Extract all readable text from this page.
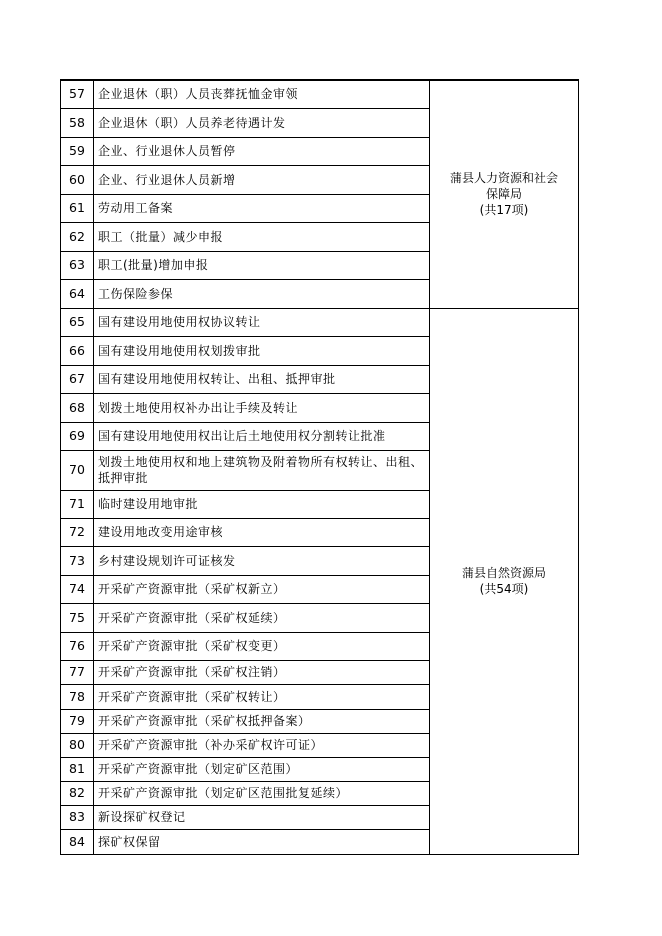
57	企业退休（职）人员丧葬抚恤金审领	蒲县人力资源和社会
保障局
(共17项)

58	企业退休（职）人员养老待遇计发	
59	企业、行业退休人员暂停	
60	企业、行业退休人员新增	
61	劳动用工备案	
62	职工（批量）减少申报	
63	职工(批量)增加申报	
64	工伤保险参保	
65	国有建设用地使用权协议转让	蒲县自然资源局
(共54项)

66	国有建设用地使用权划拨审批	
67	国有建设用地使用权转让、出租、抵押审批	
68	划拨土地使用权补办出让手续及转让	
69	国有建设用地使用权出让后土地使用权分割转让批准	
70	划拨土地使用权和地上建筑物及附着物所有权转让、出租、抵押审批	
71	临时建设用地审批	
72	建设用地改变用途审核	
73	乡村建设规划许可证核发	
74	开采矿产资源审批（采矿权新立）	
75	开采矿产资源审批（采矿权延续）	
76	开采矿产资源审批（采矿权变更）	
77	开采矿产资源审批（采矿权注销）	
78	开采矿产资源审批（采矿权转让）	
79	开采矿产资源审批（采矿权抵押备案）	
80	开采矿产资源审批（补办采矿权许可证）	
81	开采矿产资源审批（划定矿区范围）	
82	开采矿产资源审批（划定矿区范围批复延续）	
83	新设探矿权登记	
84	探矿权保留	
